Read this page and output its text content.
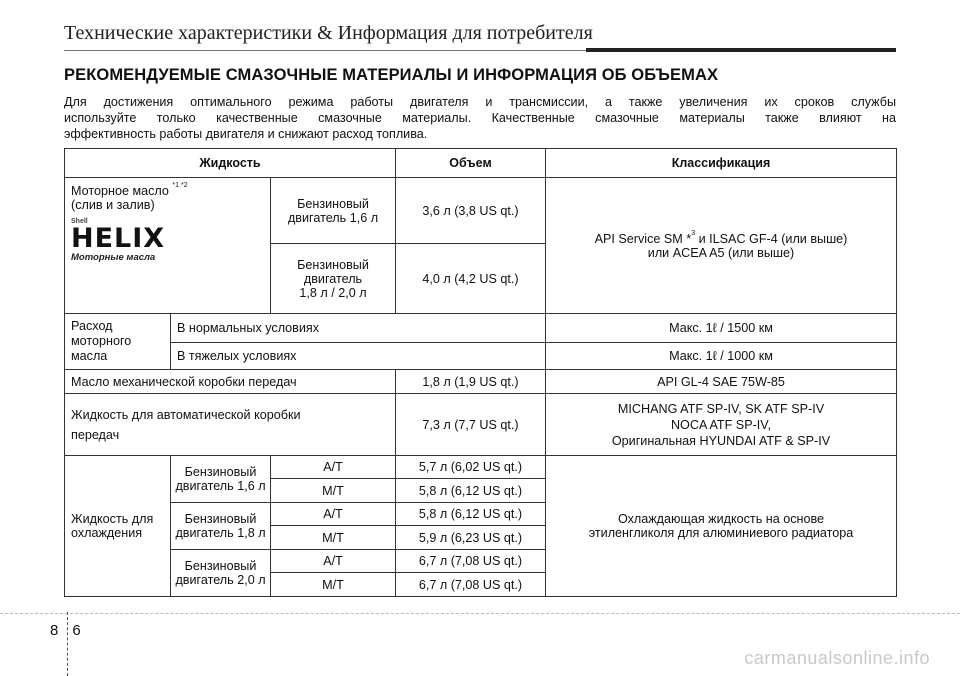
Технические характеристики & Информация для потребителя
РЕКОМЕНДУЕМЫЕ СМАЗОЧНЫЕ МАТЕРИАЛЫ И ИНФОРМАЦИЯ ОБ ОБЪЕМАХ
Для достижения оптимального режима работы двигателя и трансмиссии, а также увеличения их сроков службы
используйте только качественные смазочные материалы. Качественные смазочные материалы также влияют на
эффективность работы двигателя и снижают расход топлива.
Жидкость			Объем	Классификация
Моторное масло $^{*1 *2}$
(слив и залив)
Shell
HELIX
Моторные масла		Бензиновый двигатель 1,6 л	3,6 л (3,8 US qt.)	API Service SM *$^3$ и ILSAC GF-4 (или выше)
или ACEA A5 (или выше)
		Бензиновый
двигатель
1,8 л / 2,0 л	4,0 л (4,2 US qt.)	
Расход
моторного
масла	В нормальных условиях			Макс. 1ℓ / 1500 км
	В тяжелых условиях			Макс. 1ℓ / 1000 км
Масло механической коробки передач			1,8 л (1,9 US qt.)	API GL-4 SAE 75W-85
Жидкость для автоматической коробки
передач			7,3 л (7,7 US qt.)	MICHANG ATF SP-IV, SK ATF SP-IV
NOCA ATF SP-IV,
Оригинальная HYUNDAI ATF & SP-IV
Жидкость для
охлаждения	Бензиновый
двигатель 1,6 л	A/T	5,7 л (6,02 US qt.)	Охлаждающая жидкость на основе
этиленгликоля для алюминиевого радиатора
		M/T	5,8 л (6,12 US qt.)	
	Бензиновый
двигатель 1,8 л	A/T	5,8 л (6,12 US qt.)	
		M/T	5,9 л (6,23 US qt.)	
	Бензиновый
двигатель 2,0 л	A/T	6,7 л (7,08 US qt.)	
		M/T	6,7 л (7,08 US qt.)	
8 6
carmanualsonline.info
